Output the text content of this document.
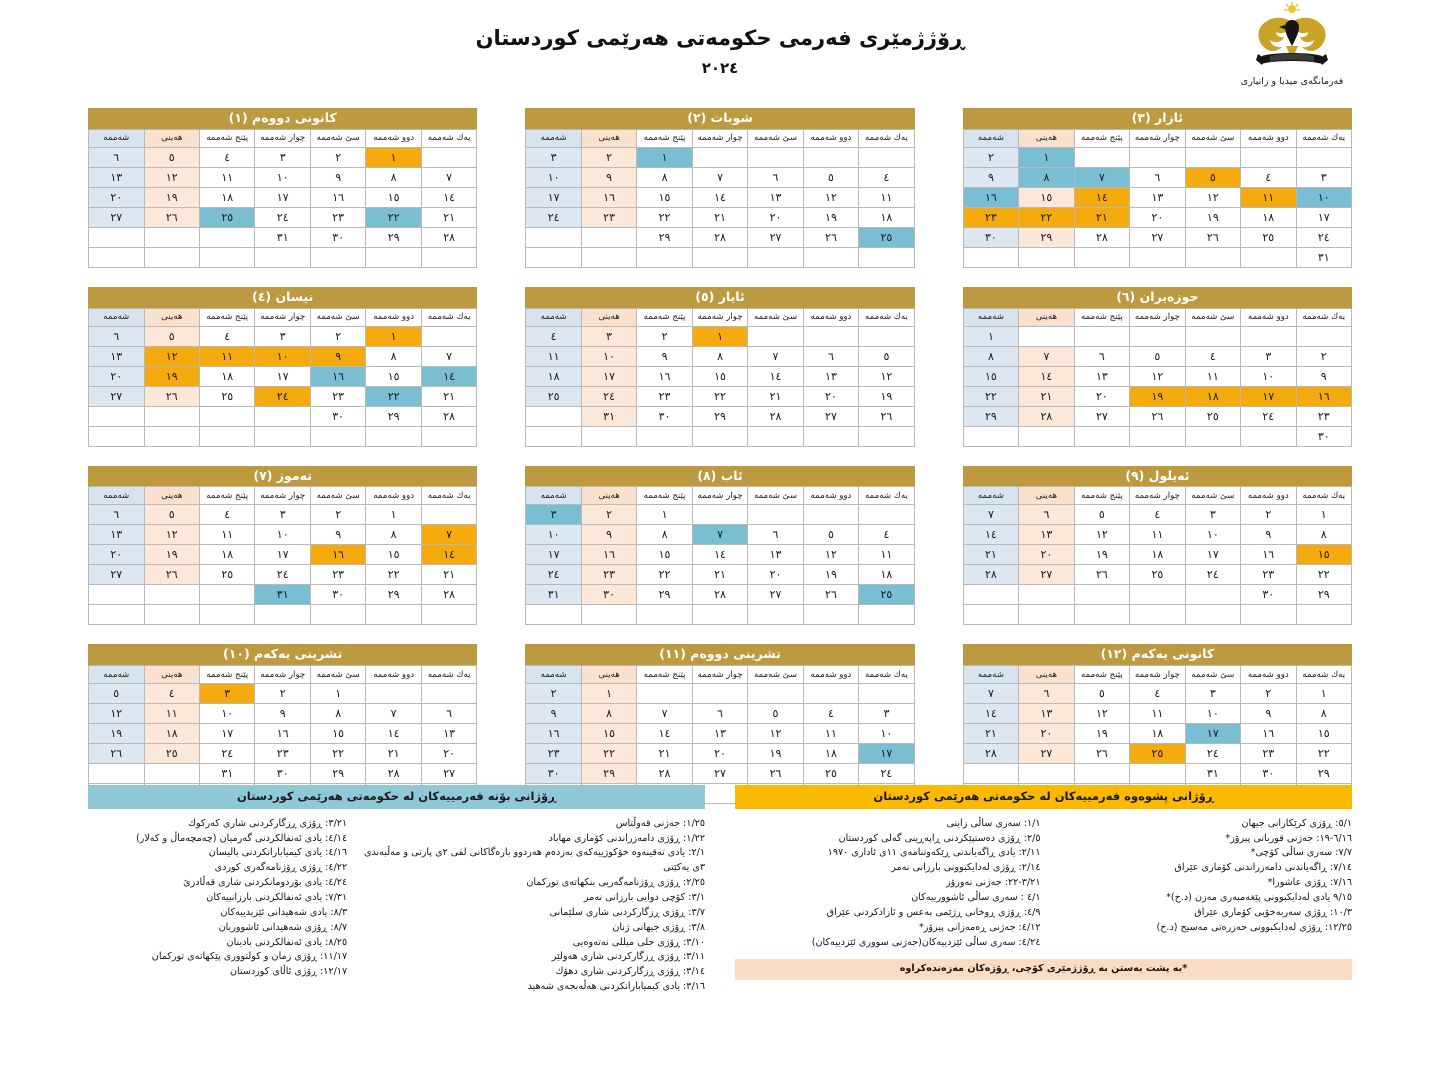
فەرمانگەی میدیا و زانیاری
ڕۆژژمێری فەرمی حکومەتی هەرێمی کوردستان
٢٠٢٤
ئازار (٣)
یەك شەممە	دوو شەممە	سێ شەممە	چوار شەممە	پێنج شەممە	هەینی	شەممە
					١	٢
٣	٤	٥	٦	٧	٨	٩
١٠	١١	١٢	١٣	١٤	١٥	١٦
١٧	١٨	١٩	٢٠	٢١	٢٢	٢٣
٢٤	٢٥	٢٦	٢٧	٢٨	٢٩	٣٠
٣١						
شوبات (٢)
یەك شەممە	دوو شەممە	سێ شەممە	چوار شەممە	پێنج شەممە	هەینی	شەممە
				١	٢	٣
٤	٥	٦	٧	٨	٩	١٠
١١	١٢	١٣	١٤	١٥	١٦	١٧
١٨	١٩	٢٠	٢١	٢٢	٢٣	٢٤
٢٥	٢٦	٢٧	٢٨	٢٩		

کانونی دووەم (١)
یەك شەممە	دوو شەممە	سێ شەممە	چوار شەممە	پێنج شەممە	هەینی	شەممە
	١	٢	٣	٤	٥	٦
٧	٨	٩	١٠	١١	١٢	١٣
١٤	١٥	١٦	١٧	١٨	١٩	٢٠
٢١	٢٢	٢٣	٢٤	٢٥	٢٦	٢٧
٢٨	٢٩	٣٠	٣١			

حوزەیران (٦)
یەك شەممە	دوو شەممە	سێ شەممە	چوار شەممە	پێنج شەممە	هەینی	شەممە
						١
٢	٣	٤	٥	٦	٧	٨
٩	١٠	١١	١٢	١٣	١٤	١٥
١٦	١٧	١٨	١٩	٢٠	٢١	٢٢
٢٣	٢٤	٢٥	٢٦	٢٧	٢٨	٢٩
٣٠						
ئایار (٥)
یەك شەممە	دوو شەممە	سێ شەممە	چوار شەممە	پێنج شەممە	هەینی	شەممە
			١	٢	٣	٤
٥	٦	٧	٨	٩	١٠	١١
١٢	١٣	١٤	١٥	١٦	١٧	١٨
١٩	٢٠	٢١	٢٢	٢٣	٢٤	٢٥
٢٦	٢٧	٢٨	٢٩	٣٠	٣١	

نیسان (٤)
یەك شەممە	دوو شەممە	سێ شەممە	چوار شەممە	پێنج شەممە	هەینی	شەممە
	١	٢	٣	٤	٥	٦
٧	٨	٩	١٠	١١	١٢	١٣
١٤	١٥	١٦	١٧	١٨	١٩	٢٠
٢١	٢٢	٢٣	٢٤	٢٥	٢٦	٢٧
٢٨	٢٩	٣٠				

ئەیلول (٩)
یەك شەممە	دوو شەممە	سێ شەممە	چوار شەممە	پێنج شەممە	هەینی	شەممە
١	٢	٣	٤	٥	٦	٧
٨	٩	١٠	١١	١٢	١٣	١٤
١٥	١٦	١٧	١٨	١٩	٢٠	٢١
٢٢	٢٣	٢٤	٢٥	٢٦	٢٧	٢٨
٢٩	٣٠					

ئاب (٨)
یەك شەممە	دوو شەممە	سێ شەممە	چوار شەممە	پێنج شەممە	هەینی	شەممە
				١	٢	٣
٤	٥	٦	٧	٨	٩	١٠
١١	١٢	١٣	١٤	١٥	١٦	١٧
١٨	١٩	٢٠	٢١	٢٢	٢٣	٢٤
٢٥	٢٦	٢٧	٢٨	٢٩	٣٠	٣١

تەموز (٧)
یەك شەممە	دوو شەممە	سێ شەممە	چوار شەممە	پێنج شەممە	هەینی	شەممە
	١	٢	٣	٤	٥	٦
٧	٨	٩	١٠	١١	١٢	١٣
١٤	١٥	١٦	١٧	١٨	١٩	٢٠
٢١	٢٢	٢٣	٢٤	٢٥	٢٦	٢٧
٢٨	٢٩	٣٠	٣١			

کانونی یەکەم (١٢)
یەك شەممە	دوو شەممە	سێ شەممە	چوار شەممە	پێنج شەممە	هەینی	شەممە
١	٢	٣	٤	٥	٦	٧
٨	٩	١٠	١١	١٢	١٣	١٤
١٥	١٦	١٧	١٨	١٩	٢٠	٢١
٢٢	٢٣	٢٤	٢٥	٢٦	٢٧	٢٨
٢٩	٣٠	٣١				

تشرینی دووەم (١١)
یەك شەممە	دوو شەممە	سێ شەممە	چوار شەممە	پێنج شەممە	هەینی	شەممە
					١	٢
٣	٤	٥	٦	٧	٨	٩
١٠	١١	١٢	١٣	١٤	١٥	١٦
١٧	١٨	١٩	٢٠	٢١	٢٢	٢٣
٢٤	٢٥	٢٦	٢٧	٢٨	٢٩	٣٠

تشرینی یەکەم (١٠)
یەك شەممە	دوو شەممە	سێ شەممە	چوار شەممە	پێنج شەممە	هەینی	شەممە
		١	٢	٣	٤	٥
٦	٧	٨	٩	١٠	١١	١٢
١٣	١٤	١٥	١٦	١٧	١٨	١٩
٢٠	٢١	٢٢	٢٣	٢٤	٢٥	٢٦
٢٧	٢٨	٢٩	٣٠	٣١		

ڕۆژانی پشوەوە فەرمییەکان لە حکومەتی هەرێمی کوردستان
٥/١: ڕۆژی کرێکارانی جیهان
٦/١٦-١٩: جەژنی قوربانی پیرۆز*
٧/٧: سەری ساڵی کۆچی*
٧/١٤: ڕاگەیاندنی دامەزراندنی کۆماری عێراق
٧/١٦: ڕۆژی عاشورا*
٩/١٥ یادی لەدایکبوونی پێغەمبەری مەزن (د.خ)*
١٠/٣: ڕۆژی سەربەخۆیی کۆماری عێراق
١٢/٢٥: ڕۆژی لەدایکبوونی حەزرەتی مەسیح (د.خ)
١/١: سەری ساڵی زاینی
٢/٥: ڕۆژی دەستپێکردنی ڕاپەڕینی گەلی کوردستان
٢/١١: یادی ڕاگەیاندنی ڕێکەوتنامەی ١١ی ئاداری ١٩٧٠
٢/١٤: ڕۆژی لەدایکبوونی بارزانی نەمر
٣/٢١-٢٢: جەژنی نەورۆز
٤/١ : سەری ساڵی ئاشوورییەکان
٤/٩: ڕۆژی ڕوخانی ڕژێمی بەعس و ئازادکردنی عێراق
٤/١٢: جەژنی ڕەمەزانی پیرۆز*
٤/٢٤: سەری ساڵی ئێزدییەکان(جەژنی سووری ئێزدییەکان)
*بە پشت بەستن بە ڕۆژژمێری کۆچی، ڕۆژەکان مەزەندەکراوە
ڕۆژانی بۆنە فەرمییەکان لە حکومەتی هەرێمی کوردستان
١/٢٥: جەژنی قەوڵتاس
١/٢٢: ڕۆژی دامەزراندنی کۆماری مهاباد
٢/١: یادی تەقینەوە خۆکوژییەکەی بەردەم هەردوو بارەگاکانی لقی ٢ی پارتی و مەڵبەندی ٣ی یەکێتی
٢/٢٥: ڕۆژی ڕۆژنامەگەریی بنکهاتەی تورکمان
٣/١: کۆچی دوایی بارزانی نەمر
٣/٧: ڕۆژی ڕزگارکردنی شاری سلێمانی
٣/٨: ڕۆژی جیهانی ژنان
٣/١٠: ڕۆژی جلی میللی نەتەوەیی
٣/١١: ڕۆژی ڕزگارکردنی شاری هەولێر
٣/١٤: ڕۆژی ڕزگارکردنی شاری دهۆك
٣/١٦: یادی کیمیابارانکردنی هەڵەبجەی شەهید
٣/٢١: ڕۆژی ڕزگارکردنی شاری کەرکوك
٤/١٤: یادی ئەنفالکردنی گەرمیان (چەمچەماڵ و کەلار)
٤/١٦: یادی کیمیابارانکردنی بالیسان
٤/٢٢: ڕۆژی ڕۆژنامەگەری کوردی
٤/٢٤: یادی بۆردومانکردنی شاری قەڵادزێ
٧/٣١: یادی ئەنفالکردنی بارزانییەکان
٨/٣: یادی شەهیدانی ئێزیدییەکان
٨/٧: ڕۆژی شەهیدانی ئاشووریان
٨/٢٥: یادی ئەنفالکردنی بادینان
١١/١٧: ڕۆژی زمان و کولتووری پێکهاتەی تورکمان
١٢/١٧: ڕۆژی ئاڵای کوردستان
